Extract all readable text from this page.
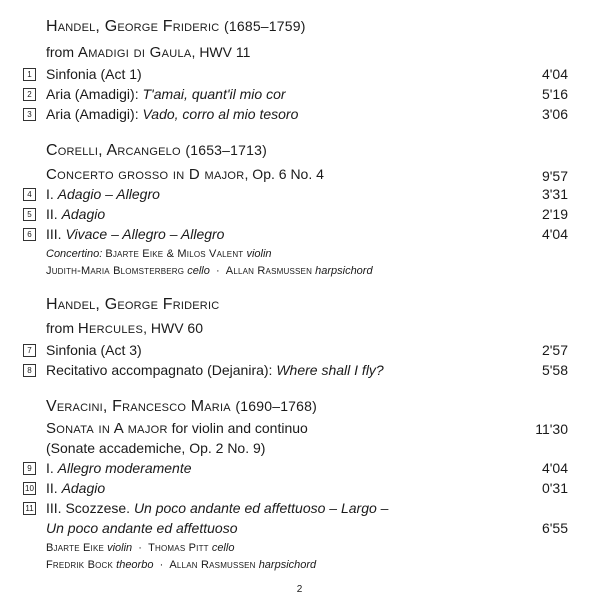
Handel, George Frideric (1685–1759)
from Amadigi di Gaula, HWV 11
1	Sinfonia (Act 1)	4'04
2	Aria (Amadigi): T'amai, quant'il mio cor	5'16
3	Aria (Amadigi): Vado, corro al mio tesoro	3'06
Corelli, Arcangelo (1653–1713)
Concerto grosso in D major, Op. 6 No. 4	9'57
4	I. Adagio – Allegro	3'31
5	II. Adagio	2'19
6	III. Vivace – Allegro – Allegro	4'04
Concertino: Bjarte Eike & Milos Valent violin
Judith-Maria Blomsterberg cello · Allan Rasmussen harpsichord
Handel, George Frideric
from Hercules, HWV 60
7	Sinfonia (Act 3)	2'57
8	Recitativo accompagnato (Dejanira): Where shall I fly?	5'58
Veracini, Francesco Maria (1690–1768)
Sonata in A major for violin and continuo	11'30
(Sonate accademiche, Op. 2 No. 9)
9	I. Allegro moderamente	4'04
10 II. Adagio	0'31
11 III. Scozzese. Un poco andante ed affettuoso – Largo –
Un poco andante ed affettuoso	6'55
Bjarte Eike violin · Thomas Pitt cello
Fredrik Bock theorbo · Allan Rasmussen harpsichord
2
